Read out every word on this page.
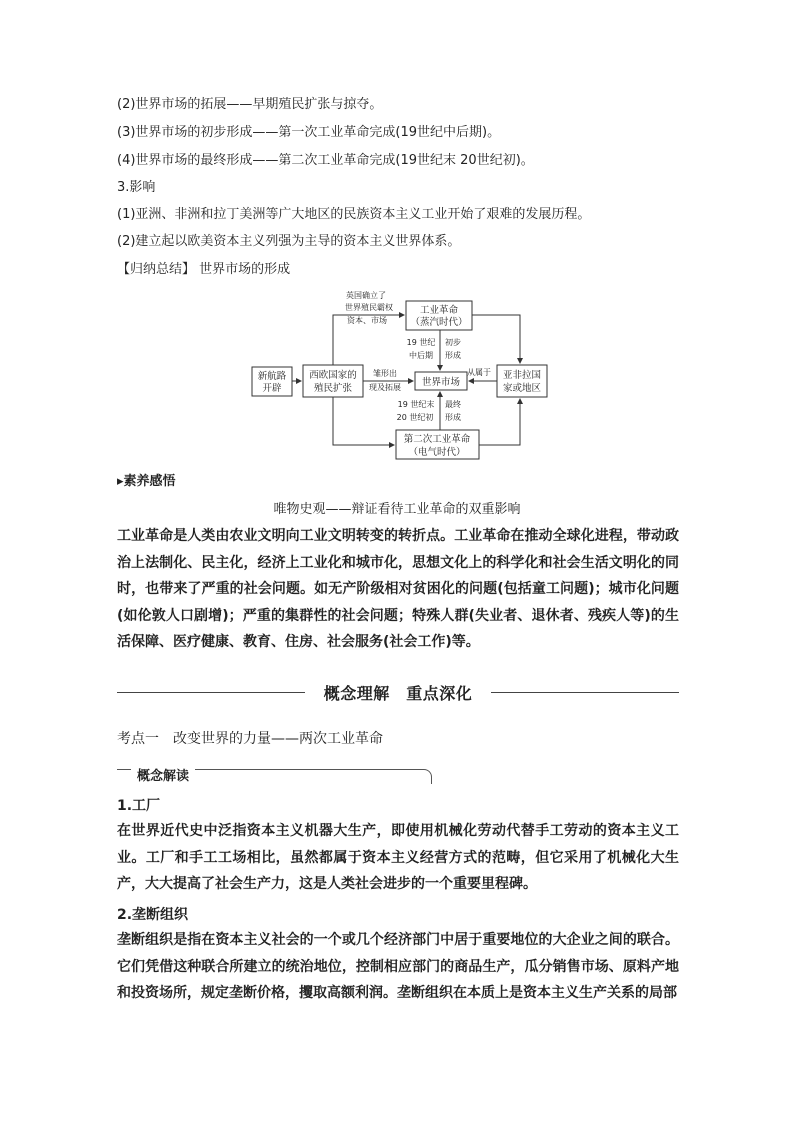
(2)世界市场的拓展——早期殖民扩张与掠夺。
(3)世界市场的初步形成——第一次工业革命完成(19世纪中后期)。
(4)世界市场的最终形成——第二次工业革命完成(19世纪末 20世纪初)。
3.影响
(1)亚洲、非洲和拉丁美洲等广大地区的民族资本主义工业开始了艰难的发展历程。
(2)建立起以欧美资本主义列强为主导的资本主义世界体系。
【归纳总结】 世界市场的形成
新航路
开辟
西欧国家的
殖民扩张
工业革命
（蒸汽时代）
世界市场
亚非拉国
家或地区
第二次工业革命
（电气时代）
英国确立了
世界殖民霸权
资本、市场
雏形出
现及拓展
19 世纪
中后期
初步
形成
19 世纪末
20 世纪初
最终
形成
从属于
▸素养感悟
唯物史观——辩证看待工业革命的双重影响
工业革命是人类由农业文明向工业文明转变的转折点。工业革命在推动全球化进程，带动政治上法制化、民主化，经济上工业化和城市化，思想文化上的科学化和社会生活文明化的同时，也带来了严重的社会问题。如无产阶级相对贫困化的问题(包括童工问题)；城市化问题(如伦敦人口剧增)；严重的集群性的社会问题；特殊人群(失业者、退休者、残疾人等)的生活保障、医疗健康、教育、住房、社会服务(社会工作)等。
概念理解　重点深化
考点一　改变世界的力量——两次工业革命
概念解读
1.工厂
在世界近代史中泛指资本主义机器大生产，即使用机械化劳动代替手工劳动的资本主义工业。工厂和手工工场相比，虽然都属于资本主义经营方式的范畴，但它采用了机械化大生产，大大提高了社会生产力，这是人类社会进步的一个重要里程碑。
2.垄断组织
垄断组织是指在资本主义社会的一个或几个经济部门中居于重要地位的大企业之间的联合。它们凭借这种联合所建立的统治地位，控制相应部门的商品生产，瓜分销售市场、原料产地和投资场所，规定垄断价格，攫取高额利润。垄断组织在本质上是资本主义生产关系的局部
